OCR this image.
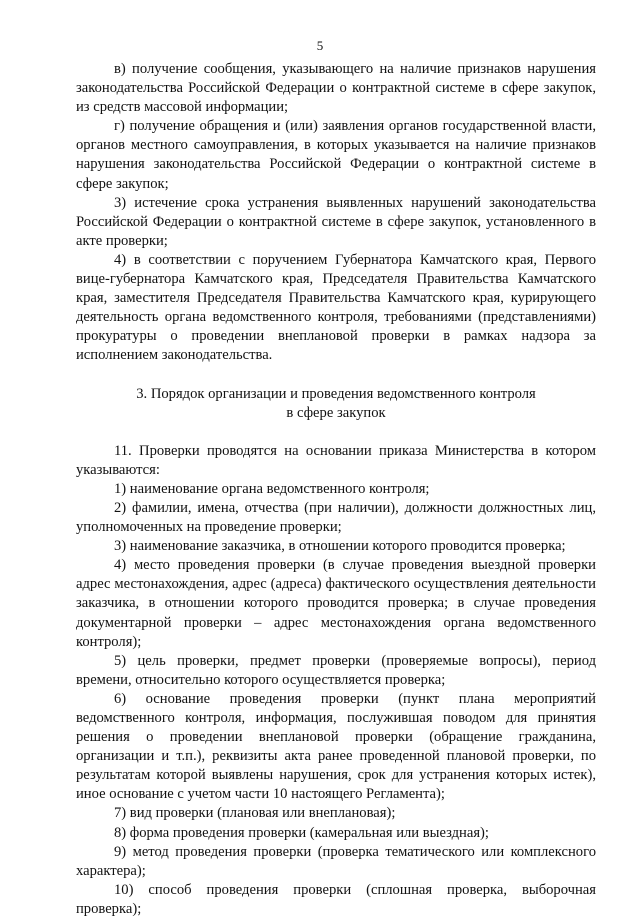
5

в) получение сообщения, указывающего на наличие признаков нарушения законодательства Российской Федерации о контрактной системе в сфере закупок, из средств массовой информации;

г) получение обращения и (или) заявления органов государственной власти, органов местного самоуправления, в которых указывается на наличие признаков нарушения законодательства Российской Федерации о контрактной системе в сфере закупок;

3) истечение срока устранения выявленных нарушений законодательства Российской Федерации о контрактной системе в сфере закупок, установленного в акте проверки;

4) в соответствии с поручением Губернатора Камчатского края, Первого вице-губернатора Камчатского края, Председателя Правительства Камчатского края, заместителя Председателя Правительства Камчатского края, курирующего деятельность органа ведомственного контроля, требованиями (представлениями) прокуратуры о проведении внеплановой проверки в рамках надзора за исполнением законодательства.

3. Порядок организации и проведения ведомственного контроля
в сфере закупок

11. Проверки проводятся на основании приказа Министерства в котором указываются:

1) наименование органа ведомственного контроля;

2) фамилии, имена, отчества (при наличии), должности должностных лиц, уполномоченных на проведение проверки;

3) наименование заказчика, в отношении которого проводится проверка;

4) место проведения проверки (в случае проведения выездной проверки адрес местонахождения, адрес (адреса) фактического осуществления деятельности заказчика, в отношении которого проводится проверка; в случае проведения документарной проверки – адрес местонахождения органа ведомственного контроля);

5) цель проверки, предмет проверки (проверяемые вопросы), период времени, относительно которого осуществляется проверка;

6) основание проведения проверки (пункт плана мероприятий ведомственного контроля, информация, послужившая поводом для принятия решения о проведении внеплановой проверки (обращение гражданина, организации и т.п.), реквизиты акта ранее проведенной плановой проверки, по результатам которой выявлены нарушения, срок для устранения которых истек), иное основание с учетом части 10 настоящего Регламента);

7) вид проверки (плановая или внеплановая);

8) форма проведения проверки (камеральная или выездная);

9) метод проведения проверки (проверка тематического или комплексного характера);

10) способ проведения проверки (сплошная проверка, выборочная проверка);
